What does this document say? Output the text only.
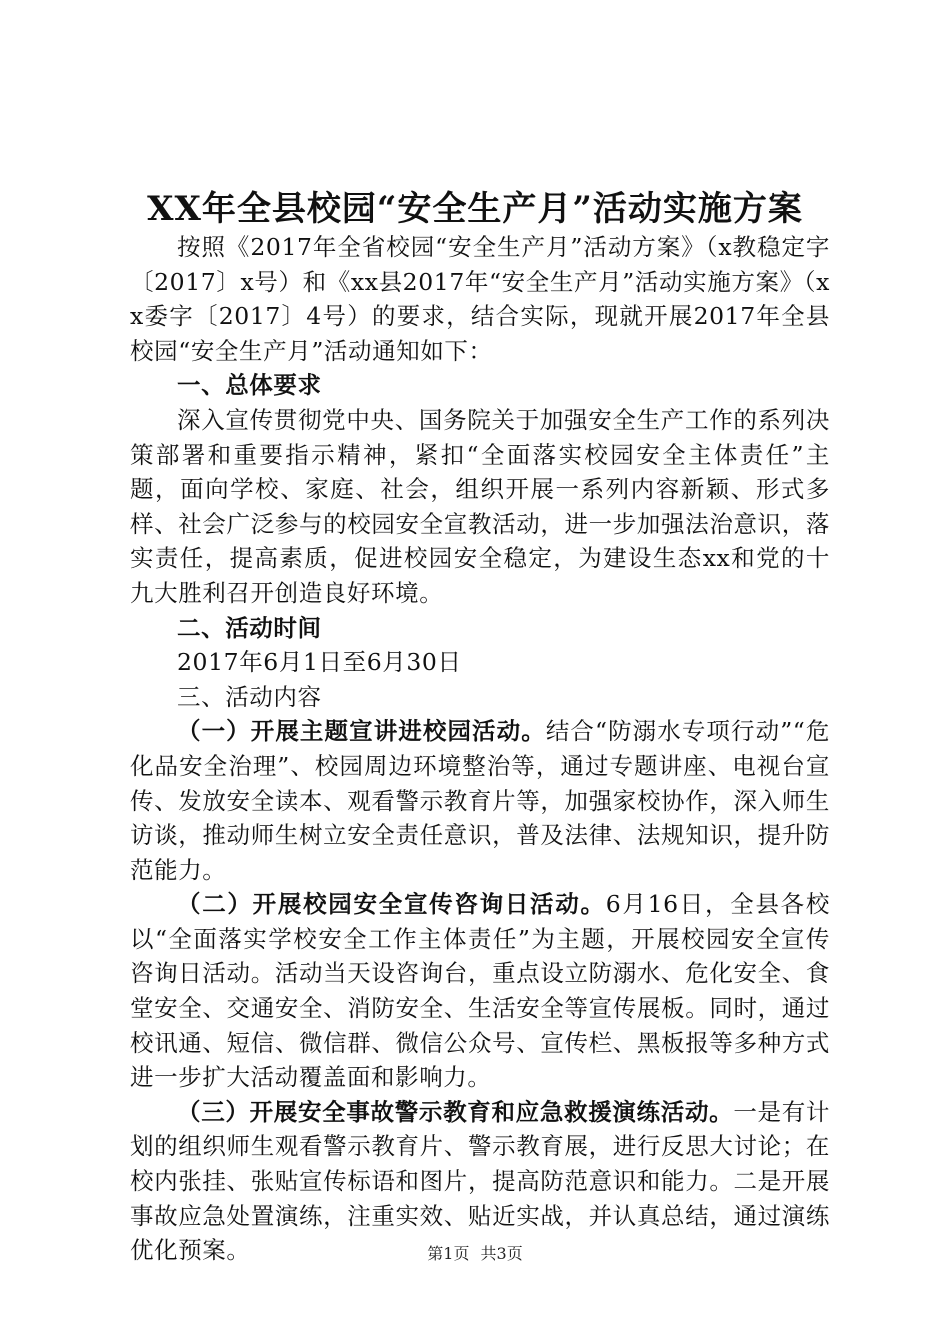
XX年全县校园“安全生产月”活动实施方案

按照《2017年全省校园“安全生产月”活动方案》（x教稳定字〔2017〕x号）和《xx县2017年“安全生产月”活动实施方案》（xx委字〔2017〕4号）的要求，结合实际，现就开展2017年全县校园“安全生产月”活动通知如下：

一、总体要求

深入宣传贯彻党中央、国务院关于加强安全生产工作的系列决策部署和重要指示精神，紧扣“全面落实校园安全主体责任”主题，面向学校、家庭、社会，组织开展一系列内容新颖、形式多样、社会广泛参与的校园安全宣教活动，进一步加强法治意识，落实责任，提高素质，促进校园安全稳定，为建设生态xx和党的十九大胜利召开创造良好环境。

二、活动时间

2017年6月1日至6月30日

三、活动内容

（一）开展主题宣讲进校园活动。结合“防溺水专项行动”“危化品安全治理”、校园周边环境整治等，通过专题讲座、电视台宣传、发放安全读本、观看警示教育片等，加强家校协作，深入师生访谈，推动师生树立安全责任意识，普及法律、法规知识，提升防范能力。

（二）开展校园安全宣传咨询日活动。6月16日，全县各校以“全面落实学校安全工作主体责任”为主题，开展校园安全宣传咨询日活动。活动当天设咨询台，重点设立防溺水、危化安全、食堂安全、交通安全、消防安全、生活安全等宣传展板。同时，通过校讯通、短信、微信群、微信公众号、宣传栏、黑板报等多种方式进一步扩大活动覆盖面和影响力。

（三）开展安全事故警示教育和应急救援演练活动。一是有计划的组织师生观看警示教育片、警示教育展，进行反思大讨论；在校内张挂、张贴宣传标语和图片，提高防范意识和能力。二是开展事故应急处置演练，注重实效、贴近实战，并认真总结，通过演练优化预案。	第1页 共3页
